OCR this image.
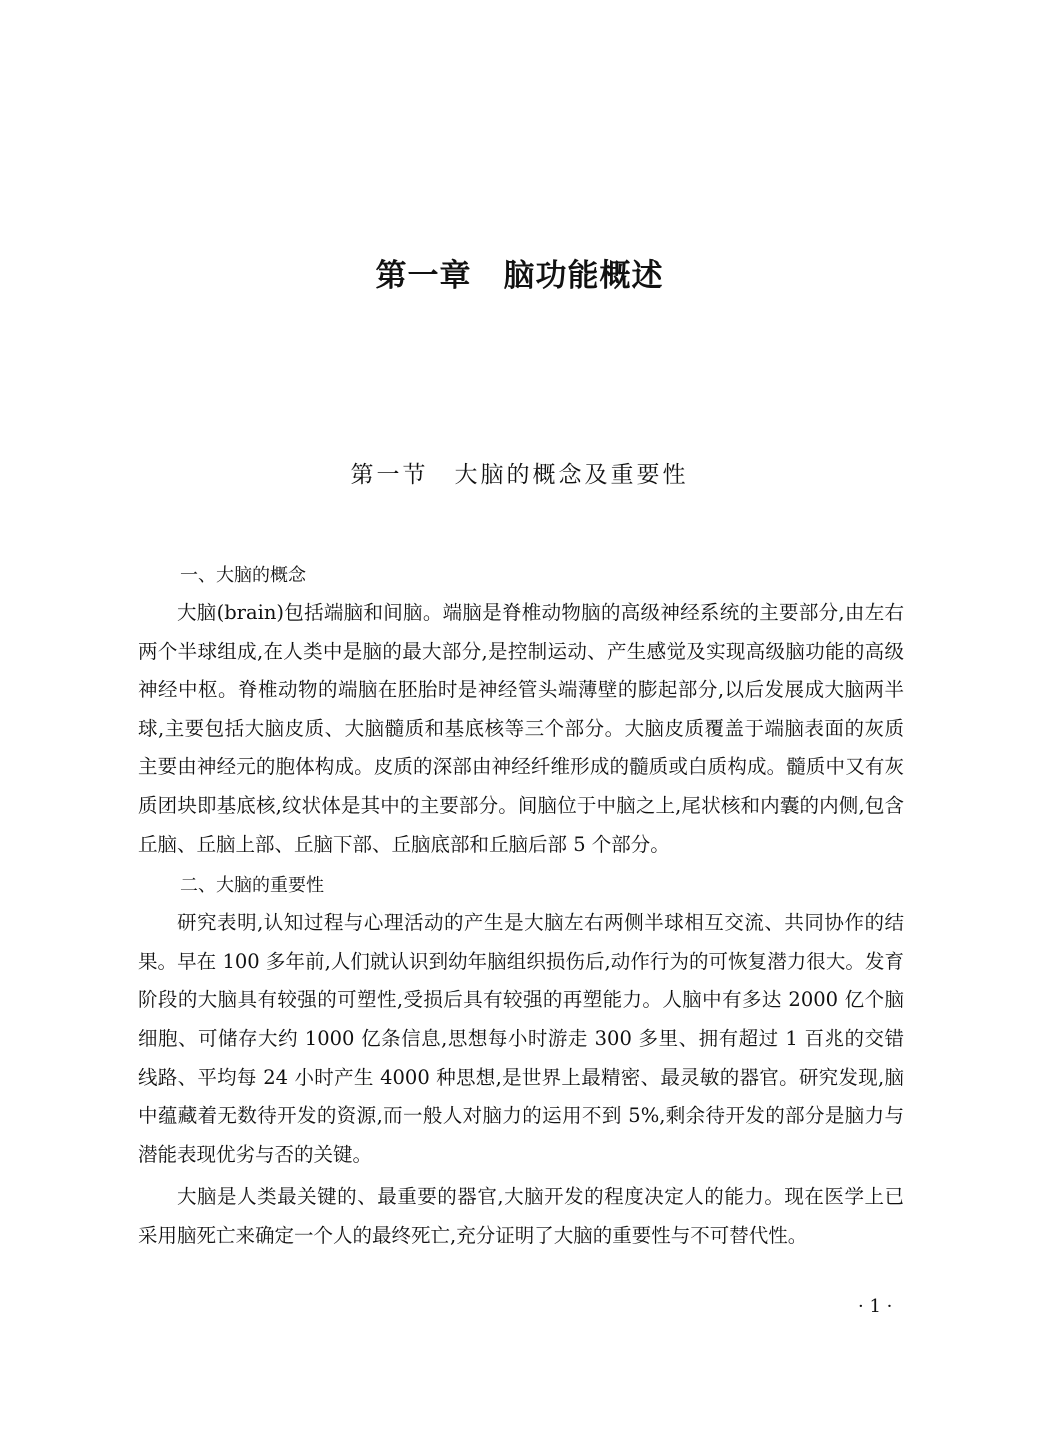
第一章　脑功能概述
第一节　大脑的概念及重要性
一、大脑的概念

大脑(brain)包括端脑和间脑。端脑是脊椎动物脑的高级神经系统的主要部分,由左右两个半球组成,在人类中是脑的最大部分,是控制运动、产生感觉及实现高级脑功能的高级神经中枢。脊椎动物的端脑在胚胎时是神经管头端薄壁的膨起部分,以后发展成大脑两半球,主要包括大脑皮质、大脑髓质和基底核等三个部分。大脑皮质覆盖于端脑表面的灰质主要由神经元的胞体构成。皮质的深部由神经纤维形成的髓质或白质构成。髓质中又有灰质团块即基底核,纹状体是其中的主要部分。间脑位于中脑之上,尾状核和内囊的内侧,包含丘脑、丘脑上部、丘脑下部、丘脑底部和丘脑后部 5 个部分。

二、大脑的重要性

研究表明,认知过程与心理活动的产生是大脑左右两侧半球相互交流、共同协作的结果。早在 100 多年前,人们就认识到幼年脑组织损伤后,动作行为的可恢复潜力很大。发育阶段的大脑具有较强的可塑性,受损后具有较强的再塑能力。人脑中有多达 2000 亿个脑细胞、可储存大约 1000 亿条信息,思想每小时游走 300 多里、拥有超过 1 百兆的交错线路、平均每 24 小时产生 4000 种思想,是世界上最精密、最灵敏的器官。研究发现,脑中蕴藏着无数待开发的资源,而一般人对脑力的运用不到 5%,剩余待开发的部分是脑力与潜能表现优劣与否的关键。

大脑是人类最关键的、最重要的器官,大脑开发的程度决定人的能力。现在医学上已采用脑死亡来确定一个人的最终死亡,充分证明了大脑的重要性与不可替代性。

· 1 ·
